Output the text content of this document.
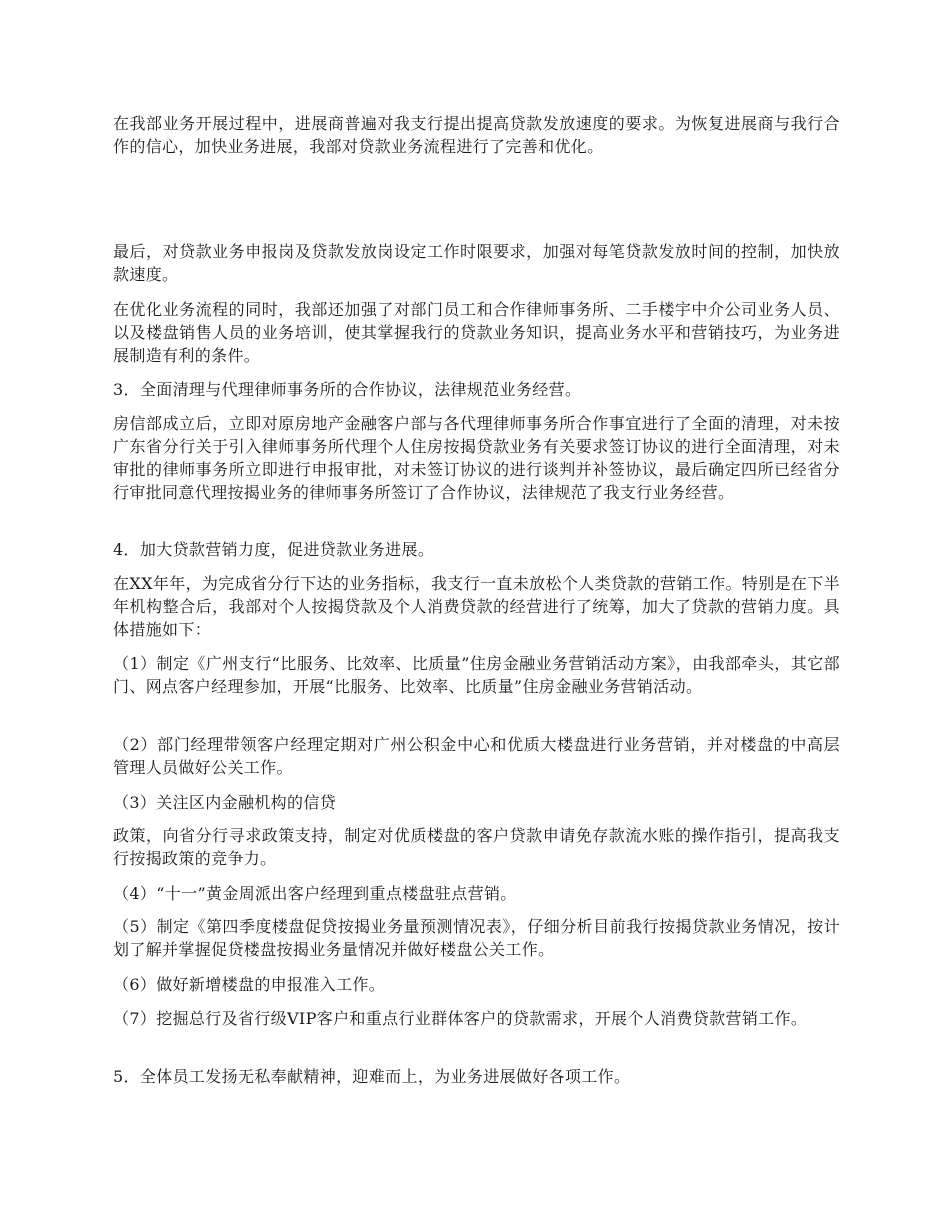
在我部业务开展过程中，进展商普遍对我支行提出提高贷款发放速度的要求。为恢复进展商与我行合作的信心，加快业务进展，我部对贷款业务流程进行了完善和优化。

最后，对贷款业务申报岗及贷款发放岗设定工作时限要求，加强对每笔贷款发放时间的控制，加快放款速度。

在优化业务流程的同时，我部还加强了对部门员工和合作律师事务所、二手楼宇中介公司业务人员、以及楼盘销售人员的业务培训，使其掌握我行的贷款业务知识，提高业务水平和营销技巧，为业务进展制造有利的条件。

3．全面清理与代理律师事务所的合作协议，法律规范业务经营。

房信部成立后，立即对原房地产金融客户部与各代理律师事务所合作事宜进行了全面的清理，对未按广东省分行关于引入律师事务所代理个人住房按揭贷款业务有关要求签订协议的进行全面清理，对未审批的律师事务所立即进行申报审批，对未签订协议的进行谈判并补签协议，最后确定四所已经省分行审批同意代理按揭业务的律师事务所签订了合作协议，法律规范了我支行业务经营。

4．加大贷款营销力度，促进贷款业务进展。

在XX年年，为完成省分行下达的业务指标，我支行一直未放松个人类贷款的营销工作。特别是在下半年机构整合后，我部对个人按揭贷款及个人消费贷款的经营进行了统筹，加大了贷款的营销力度。具体措施如下：

（1）制定《广州支行“比服务、比效率、比质量”住房金融业务营销活动方案》，由我部牵头，其它部门、网点客户经理参加，开展“比服务、比效率、比质量”住房金融业务营销活动。

（2）部门经理带领客户经理定期对广州公积金中心和优质大楼盘进行业务营销，并对楼盘的中高层管理人员做好公关工作。

（3）关注区内金融机构的信贷

政策，向省分行寻求政策支持，制定对优质楼盘的客户贷款申请免存款流水账的操作指引，提高我支行按揭政策的竞争力。

（4）“十一”黄金周派出客户经理到重点楼盘驻点营销。

（5）制定《第四季度楼盘促贷按揭业务量预测情况表》，仔细分析目前我行按揭贷款业务情况，按计划了解并掌握促贷楼盘按揭业务量情况并做好楼盘公关工作。

（6）做好新增楼盘的申报准入工作。

（7）挖掘总行及省行级VIP客户和重点行业群体客户的贷款需求，开展个人消费贷款营销工作。

5．全体员工发扬无私奉献精神，迎难而上，为业务进展做好各项工作。
